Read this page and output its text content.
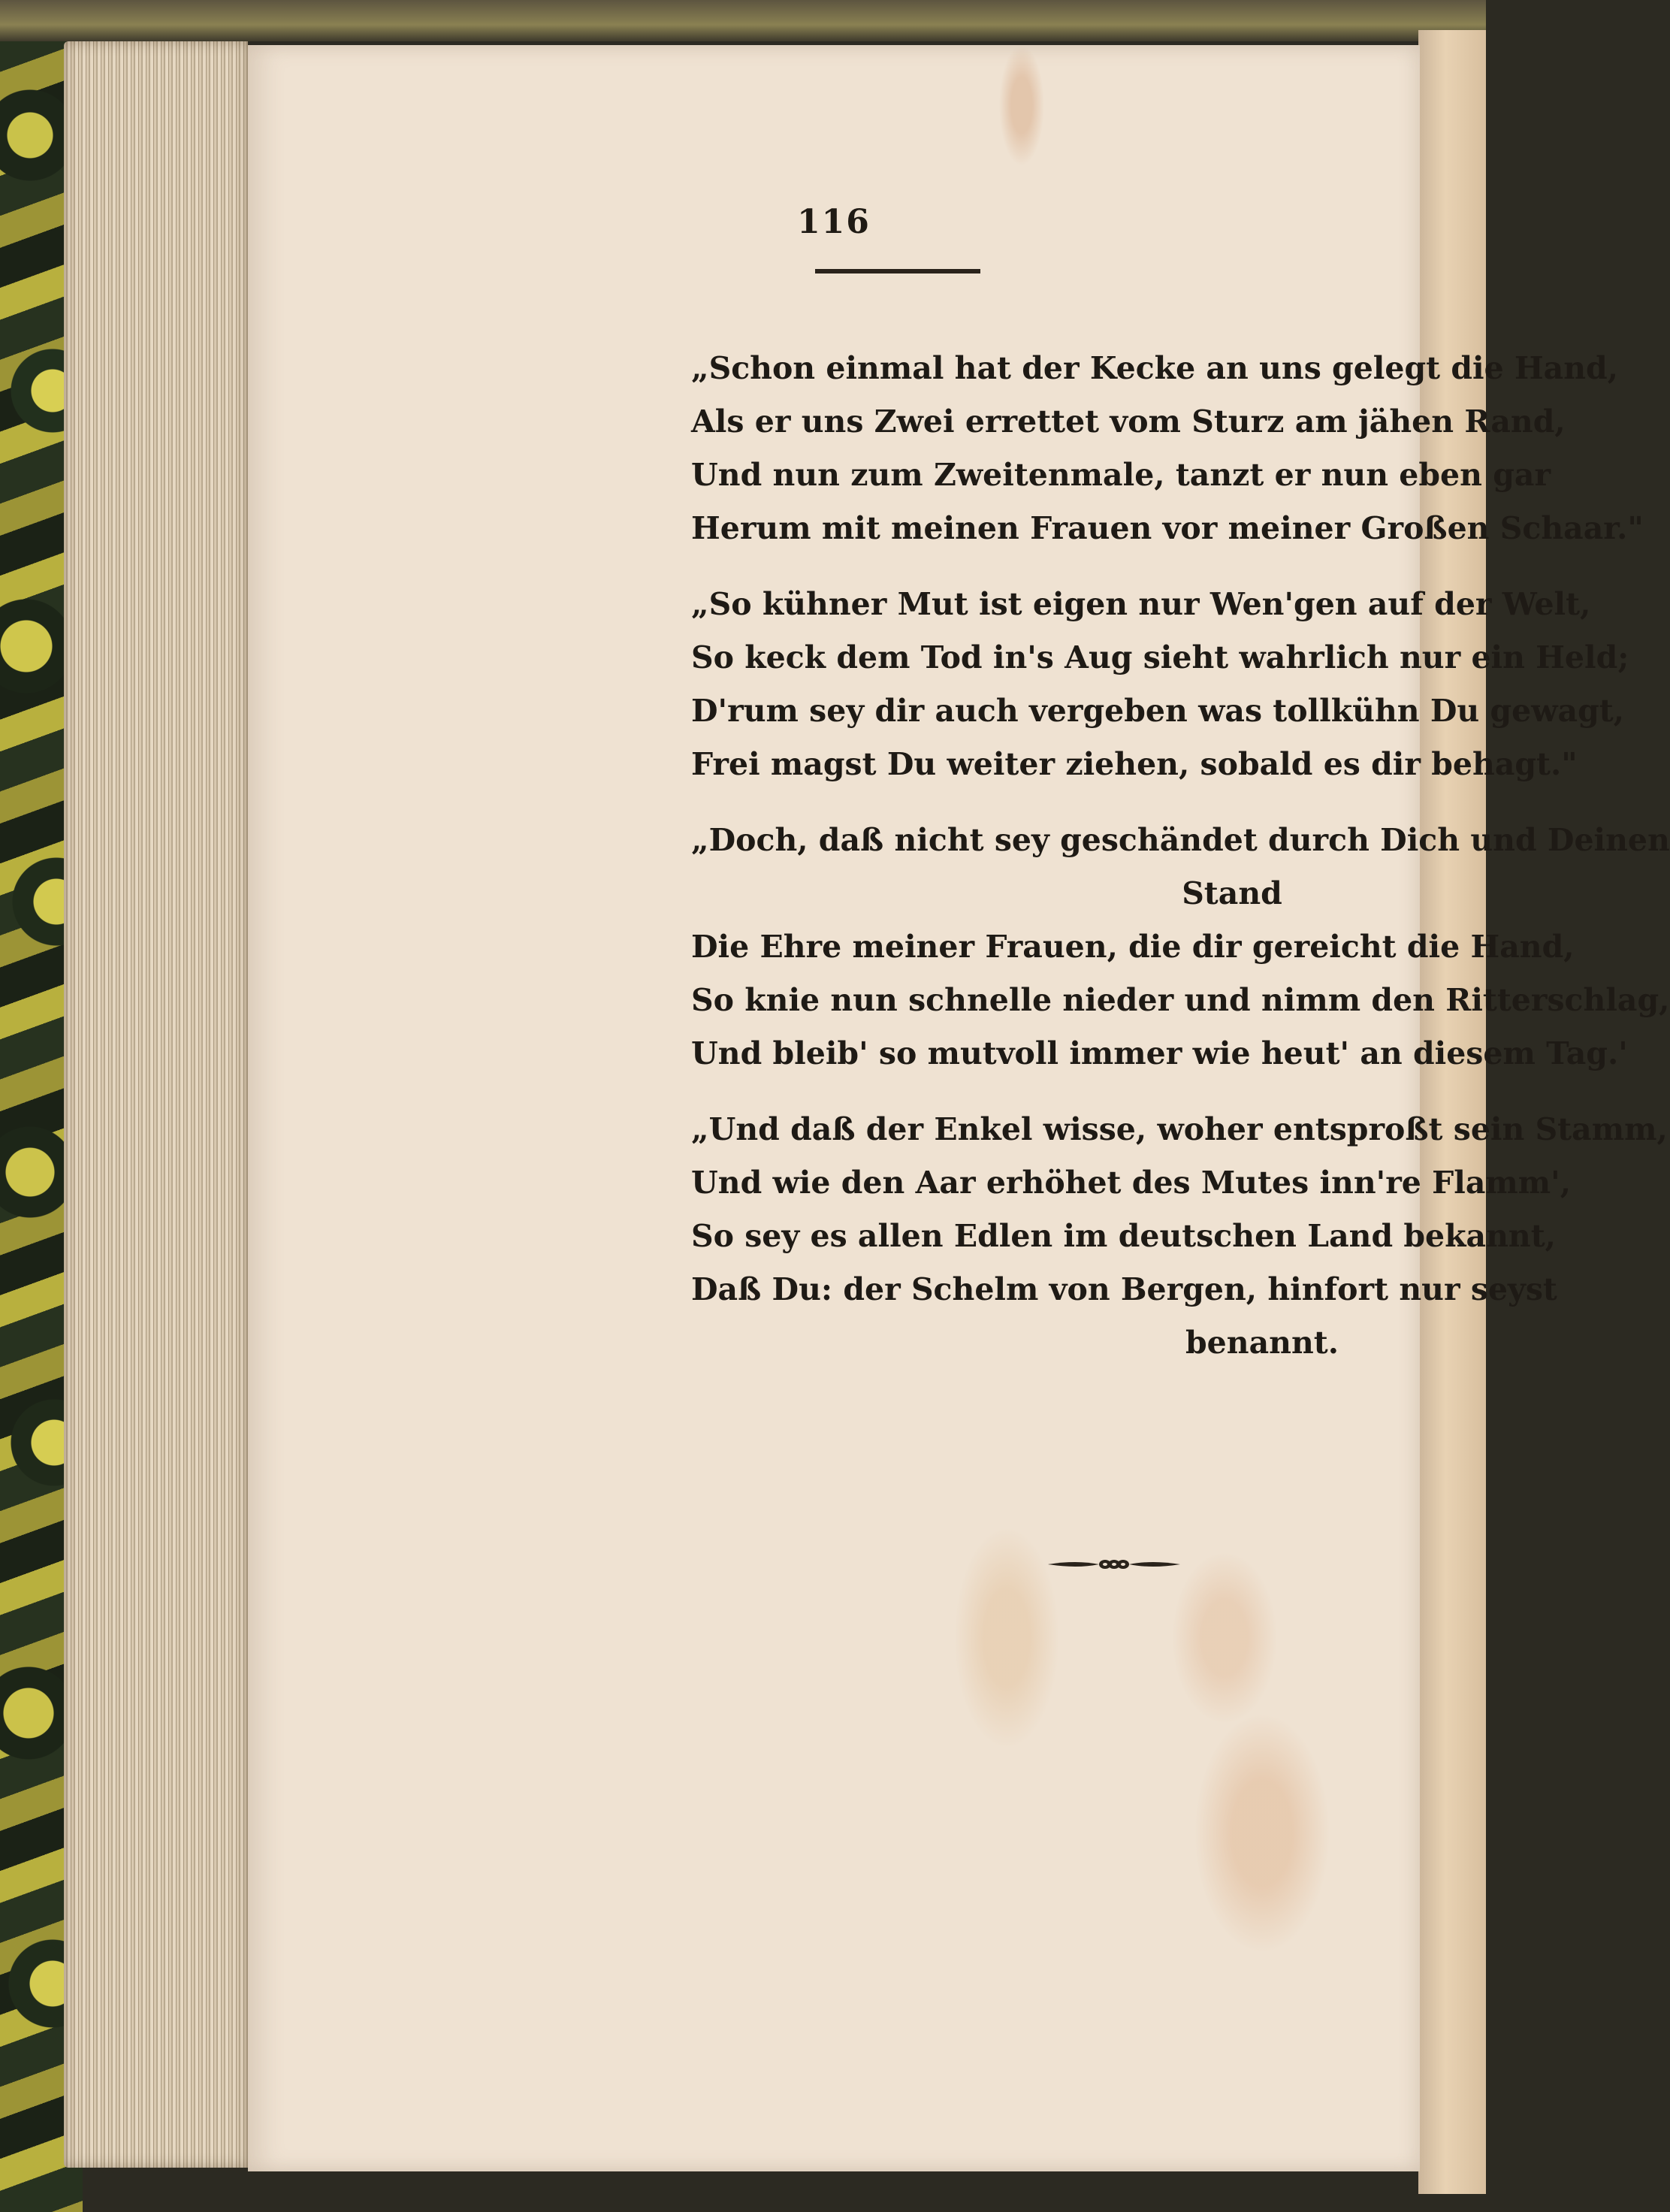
116
„Schon einmal hat der Kecke an uns gelegt die Hand,
Als er uns Zwei errettet vom Sturz am jähen Rand,
Und nun zum Zweitenmale, tanzt er nun eben gar
Herum mit meinen Frauen vor meiner Großen Schaar."
„So kühner Mut ist eigen nur Wen'gen auf der Welt,
So keck dem Tod in's Aug sieht wahrlich nur ein Held;
D'rum sey dir auch vergeben was tollkühn Du gewagt,
Frei magst Du weiter ziehen, sobald es dir behagt."
„Doch, daß nicht sey geschändet durch Dich und Deinen
Stand
Die Ehre meiner Frauen, die dir gereicht die Hand,
So knie nun schnelle nieder und nimm den Ritterschlag,
Und bleib' so mutvoll immer wie heut' an diesem Tag.'
„Und daß der Enkel wisse, woher entsproßt sein Stamm,
Und wie den Aar erhöhet des Mutes inn're Flamm',
So sey es allen Edlen im deutschen Land bekannt,
Daß Du: der Schelm von Bergen, hinfort nur seyst
benannt.
